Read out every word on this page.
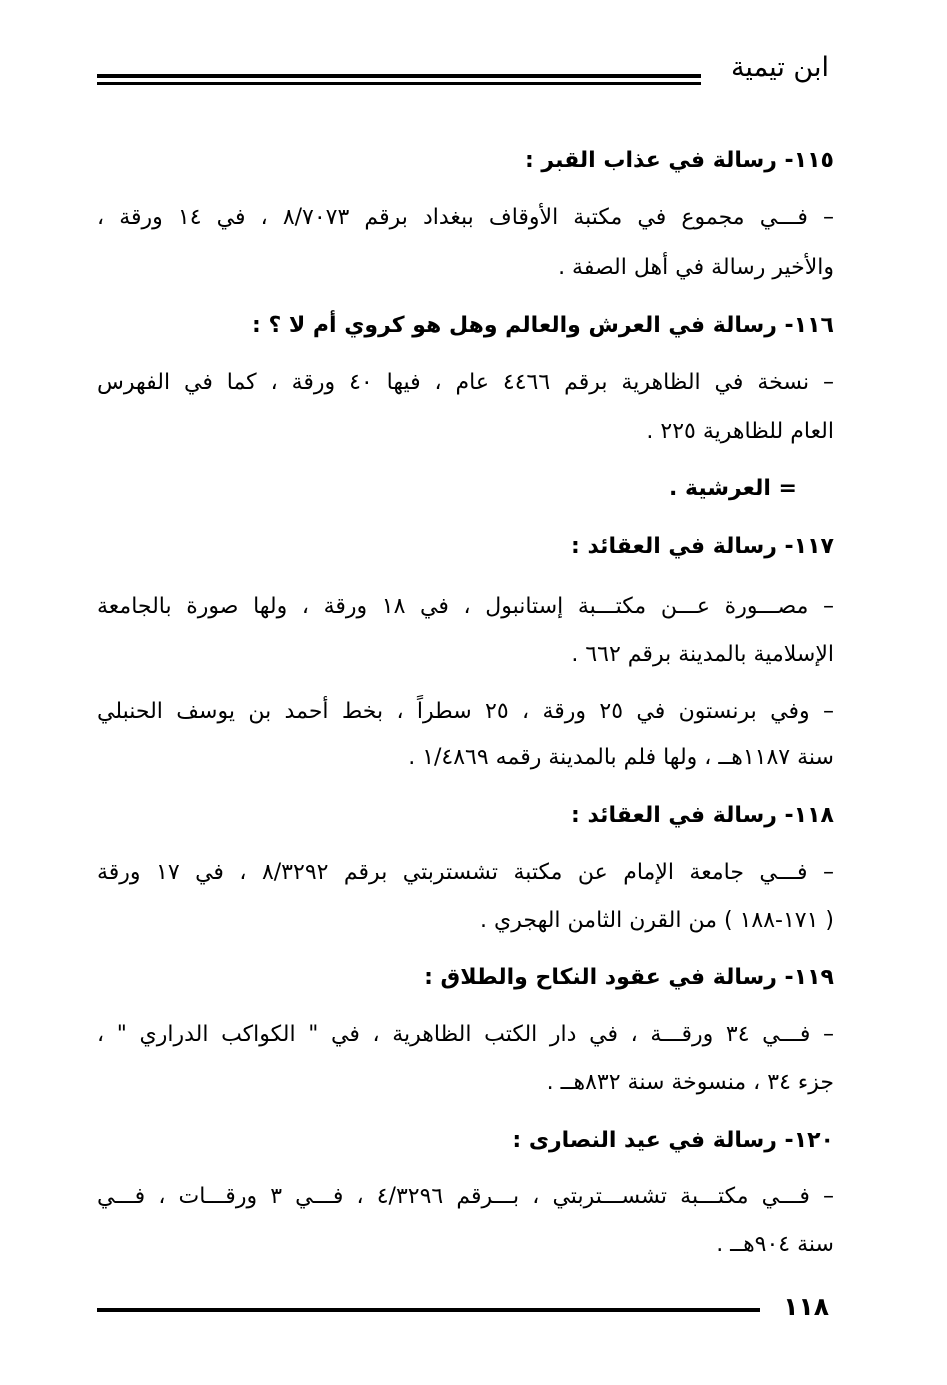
ابن تيمية
١١٥- رسالة في عذاب القبر :
– فـــي مجموع في مكتبة الأوقاف ببغداد برقم ٨/٧٠٧٣ ، في ١٤ ورقة ،
والأخير رسالة في أهل الصفة .
١١٦- رسالة في العرش والعالم وهل هو كروي أم لا ؟ :
– نسخة في الظاهرية برقم ٤٤٦٦ عام ، فيها ٤٠ ورقة ، كما في الفهرس
العام للظاهرية ٢٢٥ .
= العرشية .
١١٧- رسالة في العقائد :
– مصـــورة عـــن مكتـــبة إستانبول ، في ١٨ ورقة ، ولها صورة بالجامعة
الإسلامية بالمدينة برقم ٦٦٢ .
– وفي برنستون في ٢٥ ورقة ، ٢٥ سطراً ، بخط أحمد بن يوسف الحنبلي
سنة ١١٨٧هــ ، ولها فلم بالمدينة رقمه ١/٤٨٦٩ .
١١٨- رسالة في العقائد :
– فـــي جامعة الإمام عن مكتبة تشستربتي برقم ٨/٣٢٩٢ ، في ١٧ ورقة
( ١٧١-١٨٨ ) من القرن الثامن الهجري .
١١٩- رسالة في عقود النكاح والطلاق :
– فـــي ٣٤ ورقـــة ، في دار الكتب الظاهرية ، في " الكواكب الدراري " ،
جزء ٣٤ ، منسوخة سنة ٨٣٢هــ .
١٢٠- رسالة في عيد النصارى :
– فـــي مكتـــبة تشســـتربتي ، بـــرقم ٤/٣٢٩٦ ، فـــي ٣ ورقـــات ، فـــي
سنة ٩٠٤هــ .
١١٨
